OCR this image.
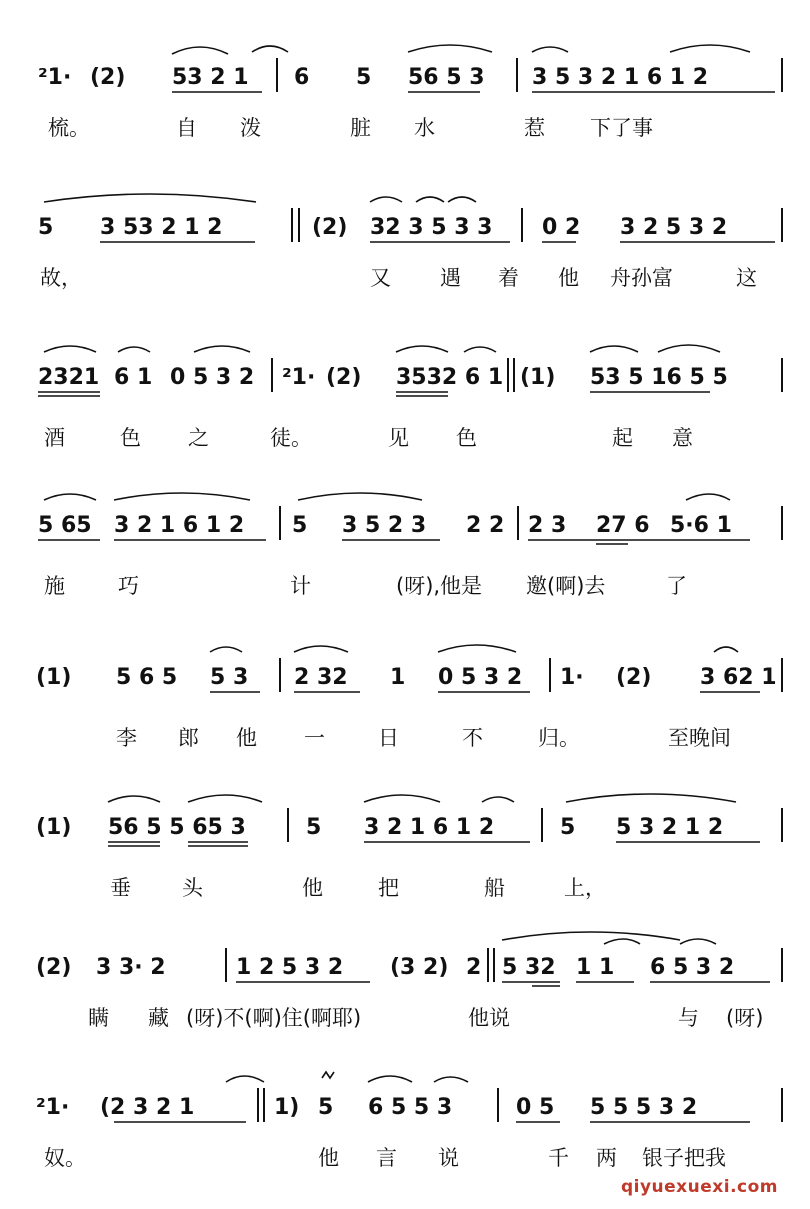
²1· (2) 53 2 1 6 5 56 5 3 3 5 3 2 1 6 1 2
梳。	自 泼	脏 水	惹 下了事
5 3 53 2 1 2	(2) 32 3 5 3 3 0 2 3 2 5 3 2
故，	又 遇 着 他 舟孙富	这
2321 6 1 0 5 3 2 ²1· (2) 3532 6 1 (1) 53 5 16 5 5
酒	色 之	徒。	见 色	起 意
5 65 3 2 1 6 1 2 5 3 5 2 3 2 2 2 3 27 6 5·6 1
施	巧	计	(呀),他是 邀(啊)去	了
(1) 5 6 5 5 3 2 32 1 0 5 3 2 1· (2) 3 62 1
李 郎 他 一	日	不	归。	至晚间
(1) 56 5 5 65 3	5 3 2 1 6 1 2	5 5 3 2 1 2
垂 头	他	把	船	上，
(2) 3 3· 2	1 2 5 3 2 (3 2) 2 5 32 1 1 6 5 3 2
瞒 藏 (呀)不(啊)住(啊耶)	他说	与 (呀)
²1· (2 3 2 1	1) 5 6 5 5 3	0 5 5 5 5 3 2
奴。	他 言 说	千 两 银子把我
qiyuexuexi.com
